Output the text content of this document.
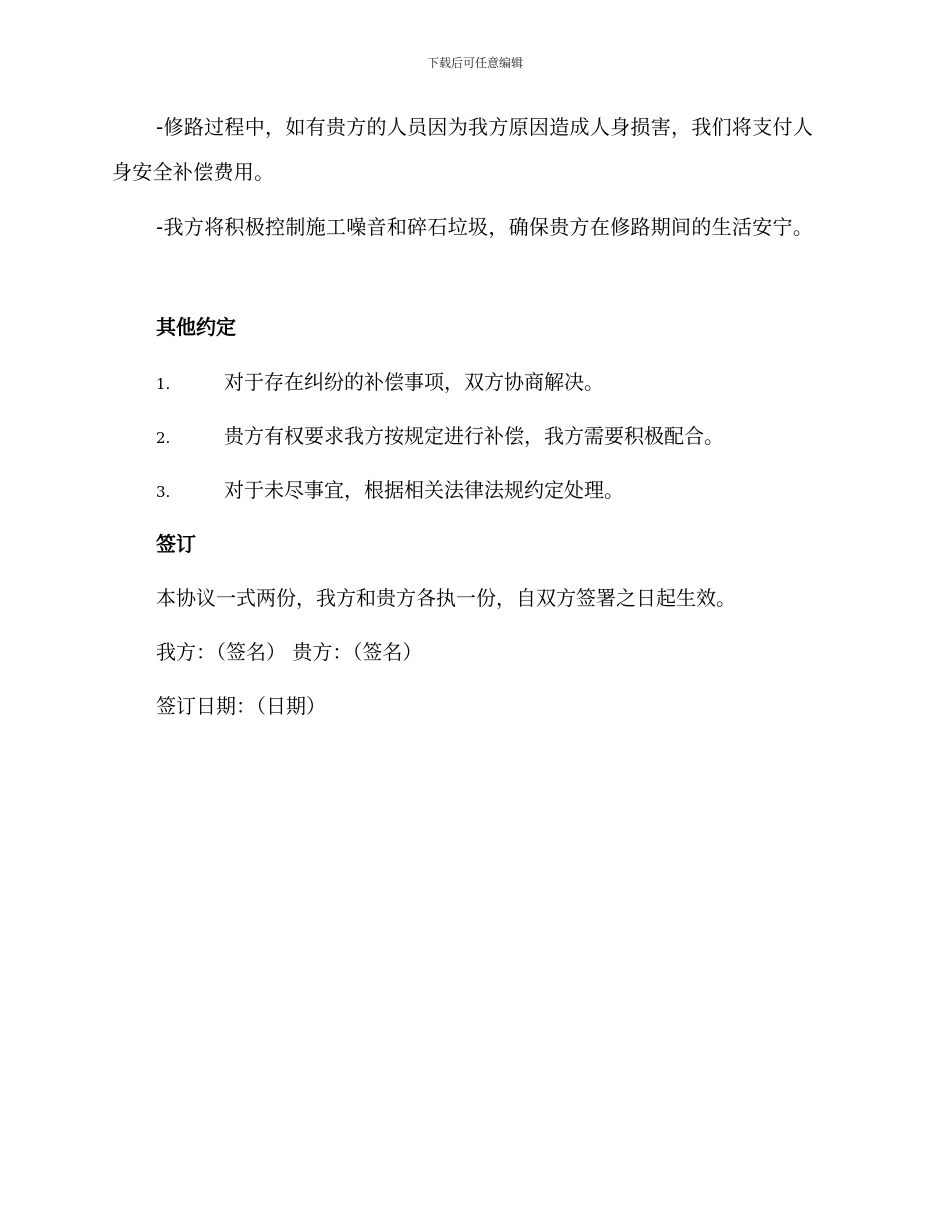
下载后可任意编辑
-修路过程中，如有贵方的人员因为我方原因造成人身损害，我们将支付人身安全补偿费用。
-我方将积极控制施工噪音和碎石垃圾，确保贵方在修路期间的生活安宁。
其他约定
1.	对于存在纠纷的补偿事项，双方协商解决。
2.	贵方有权要求我方按规定进行补偿，我方需要积极配合。
3.	对于未尽事宜，根据相关法律法规约定处理。
签订
本协议一式两份，我方和贵方各执一份，自双方签署之日起生效。
我方：（签名） 贵方：（签名）
签订日期：（日期）
